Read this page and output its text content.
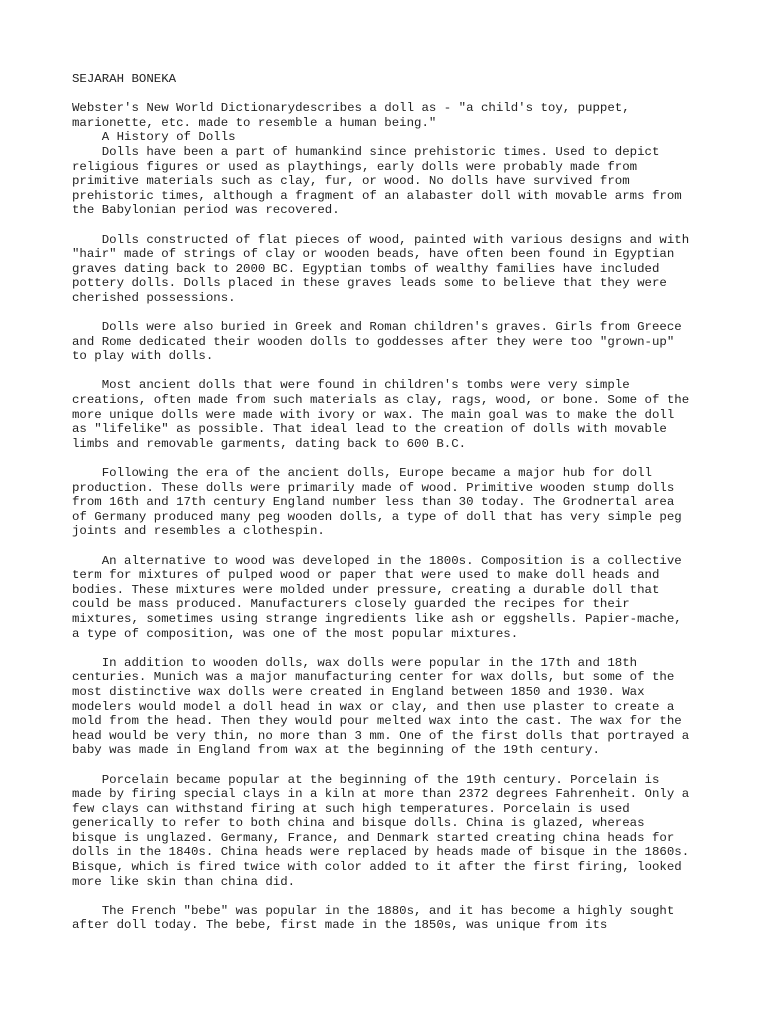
SEJARAH BONEKA
Webster's New World Dictionarydescribes a doll as - "a child's toy, puppet,
marionette, etc. made to resemble a human being."
A History of Dolls
Dolls have been a part of humankind since prehistoric times. Used to depict
religious figures or used as playthings, early dolls were probably made from
primitive materials such as clay, fur, or wood. No dolls have survived from
prehistoric times, although a fragment of an alabaster doll with movable arms from
the Babylonian period was recovered.
Dolls constructed of flat pieces of wood, painted with various designs and with
"hair" made of strings of clay or wooden beads, have often been found in Egyptian
graves dating back to 2000 BC. Egyptian tombs of wealthy families have included
pottery dolls. Dolls placed in these graves leads some to believe that they were
cherished possessions.
Dolls were also buried in Greek and Roman children's graves. Girls from Greece
and Rome dedicated their wooden dolls to goddesses after they were too "grown-up"
to play with dolls.
Most ancient dolls that were found in children's tombs were very simple
creations, often made from such materials as clay, rags, wood, or bone. Some of the
more unique dolls were made with ivory or wax. The main goal was to make the doll
as "lifelike" as possible. That ideal lead to the creation of dolls with movable
limbs and removable garments, dating back to 600 B.C.
Following the era of the ancient dolls, Europe became a major hub for doll
production. These dolls were primarily made of wood. Primitive wooden stump dolls
from 16th and 17th century England number less than 30 today. The Grodnertal area
of Germany produced many peg wooden dolls, a type of doll that has very simple peg
joints and resembles a clothespin.
An alternative to wood was developed in the 1800s. Composition is a collective
term for mixtures of pulped wood or paper that were used to make doll heads and
bodies. These mixtures were molded under pressure, creating a durable doll that
could be mass produced. Manufacturers closely guarded the recipes for their
mixtures, sometimes using strange ingredients like ash or eggshells. Papier-mache,
a type of composition, was one of the most popular mixtures.
In addition to wooden dolls, wax dolls were popular in the 17th and 18th
centuries. Munich was a major manufacturing center for wax dolls, but some of the
most distinctive wax dolls were created in England between 1850 and 1930. Wax
modelers would model a doll head in wax or clay, and then use plaster to create a
mold from the head. Then they would pour melted wax into the cast. The wax for the
head would be very thin, no more than 3 mm. One of the first dolls that portrayed a
baby was made in England from wax at the beginning of the 19th century.
Porcelain became popular at the beginning of the 19th century. Porcelain is
made by firing special clays in a kiln at more than 2372 degrees Fahrenheit. Only a
few clays can withstand firing at such high temperatures. Porcelain is used
generically to refer to both china and bisque dolls. China is glazed, whereas
bisque is unglazed. Germany, France, and Denmark started creating china heads for
dolls in the 1840s. China heads were replaced by heads made of bisque in the 1860s.
Bisque, which is fired twice with color added to it after the first firing, looked
more like skin than china did.
The French "bebe" was popular in the 1880s, and it has become a highly sought
after doll today. The bebe, first made in the 1850s, was unique from its
